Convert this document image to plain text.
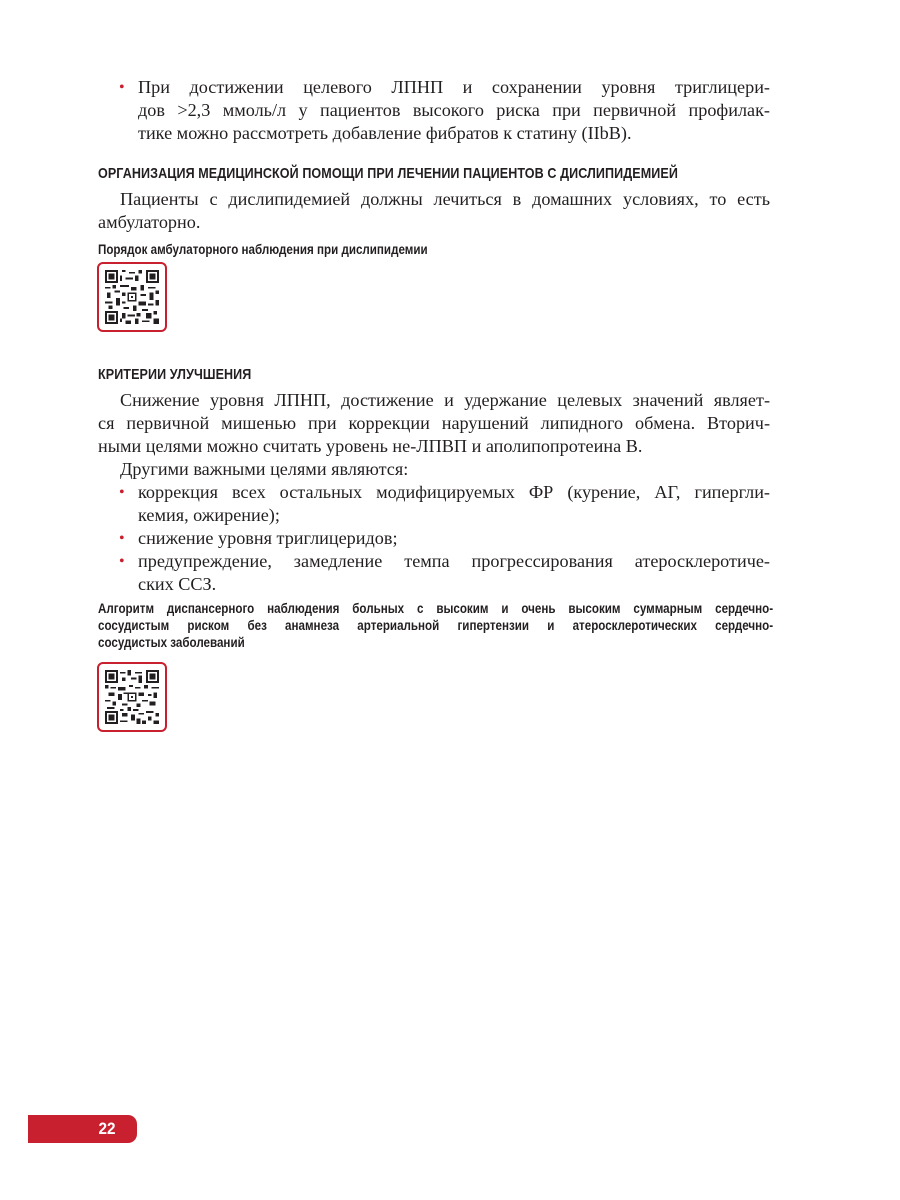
• При достижении целевого ЛПНП и сохранении уровня триглицери-
дов >2,3 ммоль/л у пациентов высокого риска при первичной профилак-
тике можно рассмотреть добавление фибратов к статину (IIbB).
ОРГАНИЗАЦИЯ МЕДИЦИНСКОЙ ПОМОЩИ ПРИ ЛЕЧЕНИИ ПАЦИЕНТОВ С ДИСЛИПИДЕМИЕЙ
Пациенты с дислипидемией должны лечиться в домашних условиях, то есть
амбулаторно.
Порядок амбулаторного наблюдения при дислипидемии
КРИТЕРИИ УЛУЧШЕНИЯ
Снижение уровня ЛПНП, достижение и удержание целевых значений являет-
ся первичной мишенью при коррекции нарушений липидного обмена. Вторич-
ными целями можно считать уровень не-ЛПВП и аполипопротеина В.
Другими важными целями являются:
• коррекция всех остальных модифицируемых ФР (курение, АГ, гипергли-
кемия, ожирение);
• снижение уровня триглицеридов;
• предупреждение, замедление темпа прогрессирования атеросклеротиче-
ских ССЗ.
Алгоритм диспансерного наблюдения больных с высоким и очень высоким суммарным сердечно-
сосудистым риском без анамнеза артериальной гипертензии и атеросклеротических сердечно-
сосудистых заболеваний
22
